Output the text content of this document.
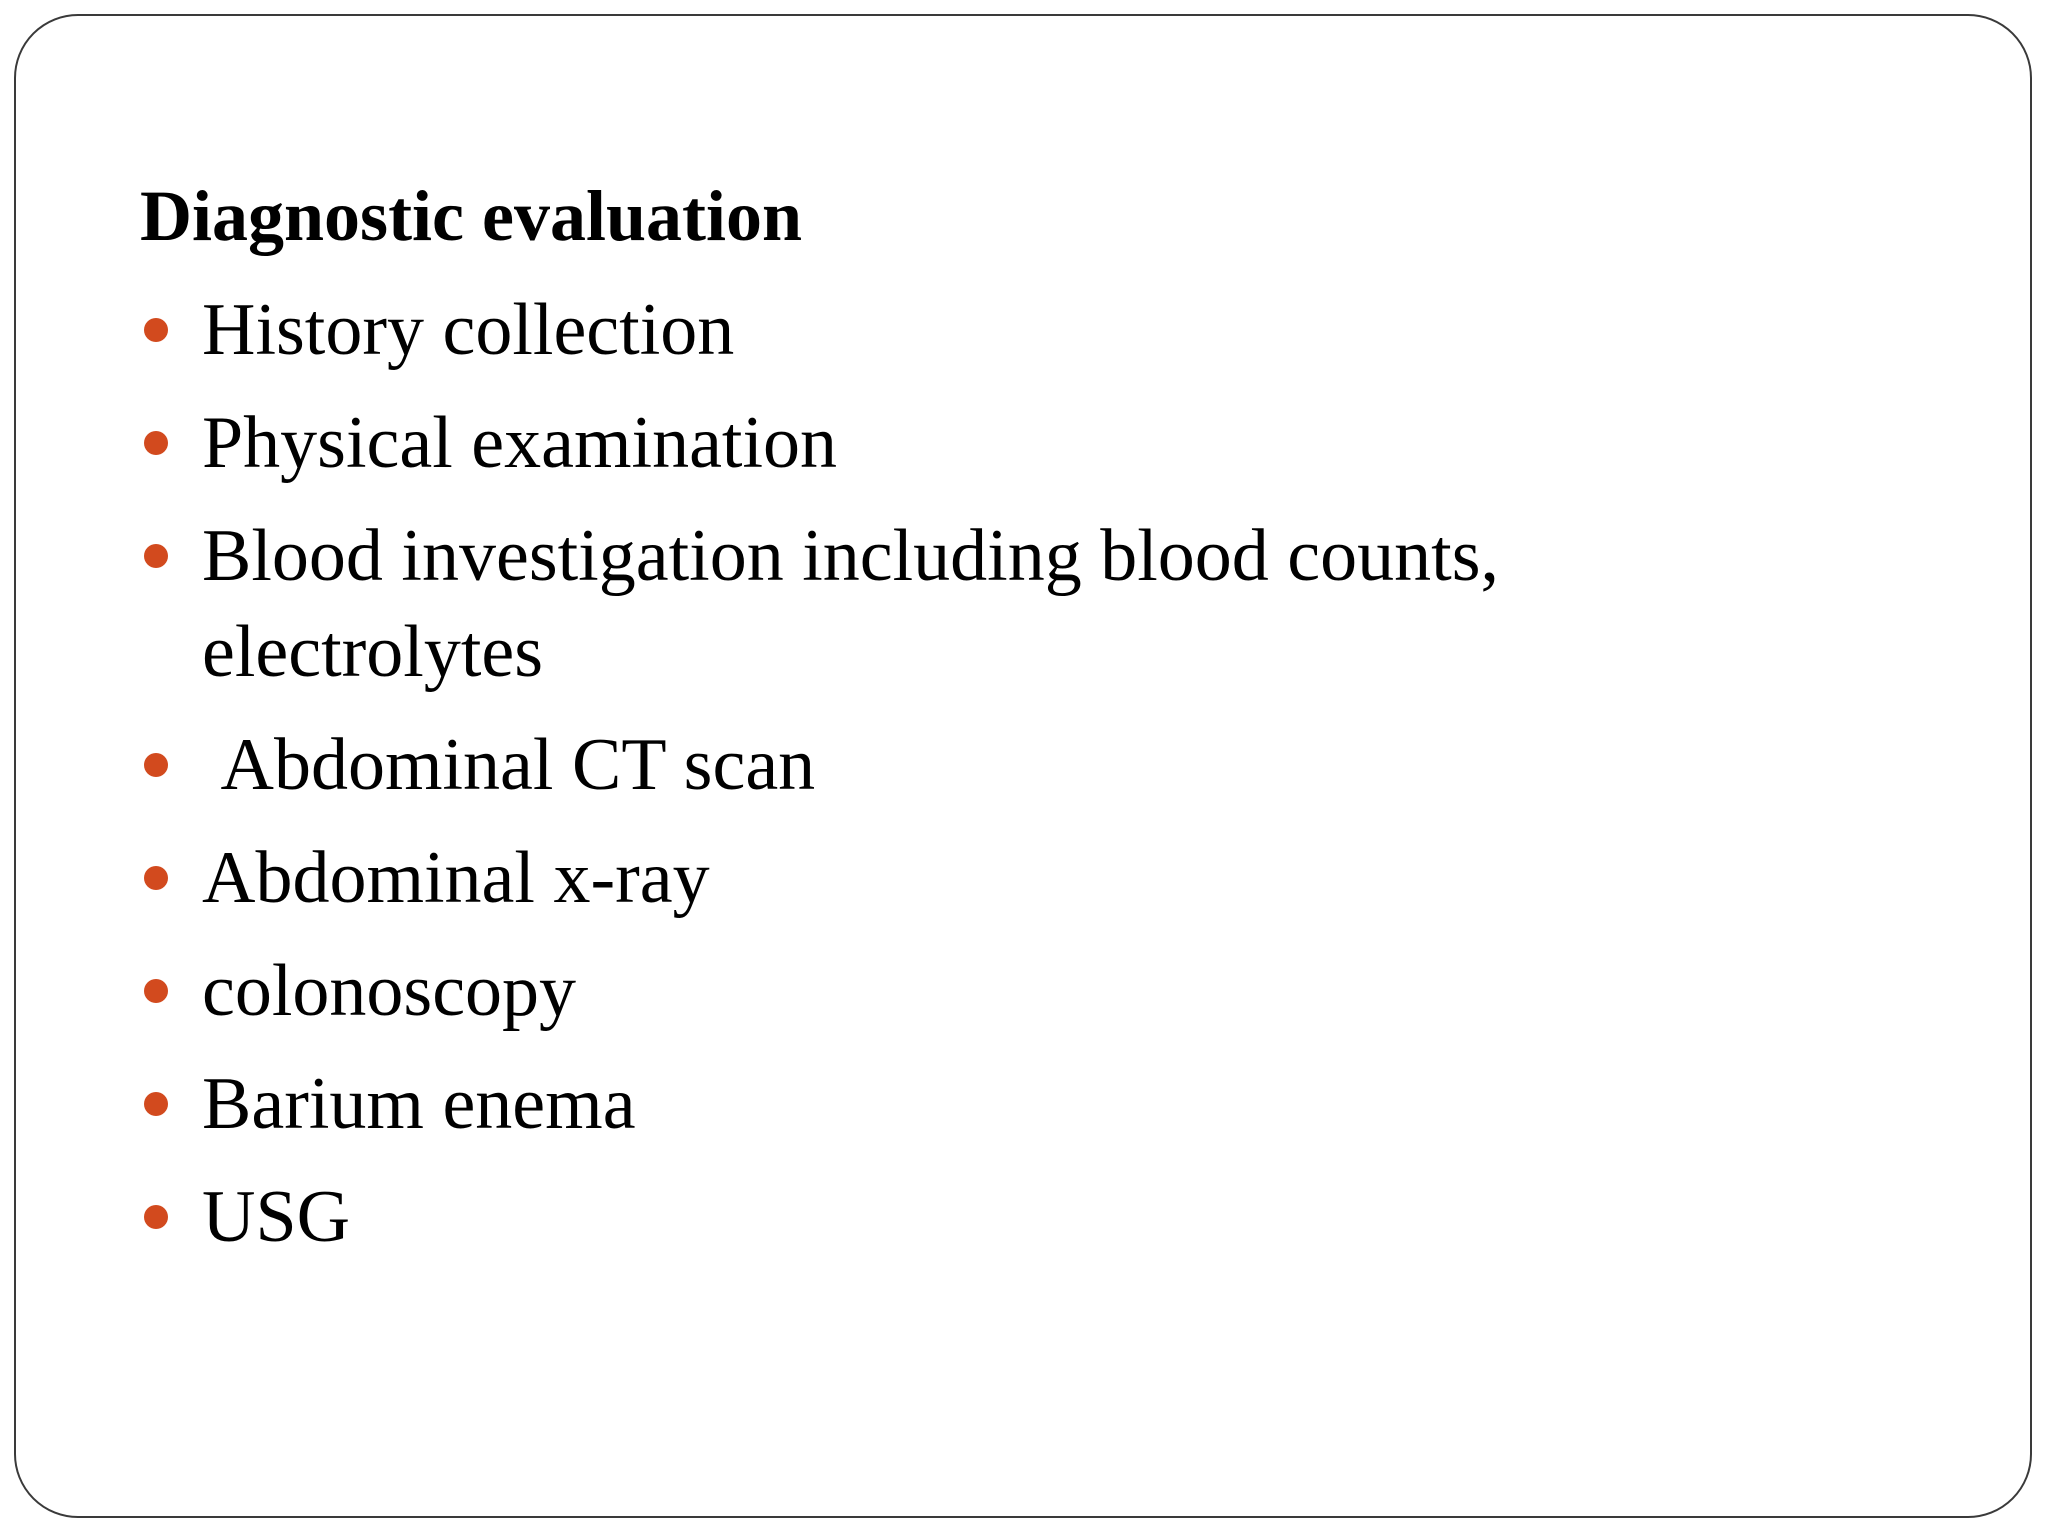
Diagnostic evaluation
History collection
Physical examination
Blood investigation including blood counts, electrolytes
Abdominal CT scan
Abdominal x-ray
colonoscopy
Barium enema
USG
